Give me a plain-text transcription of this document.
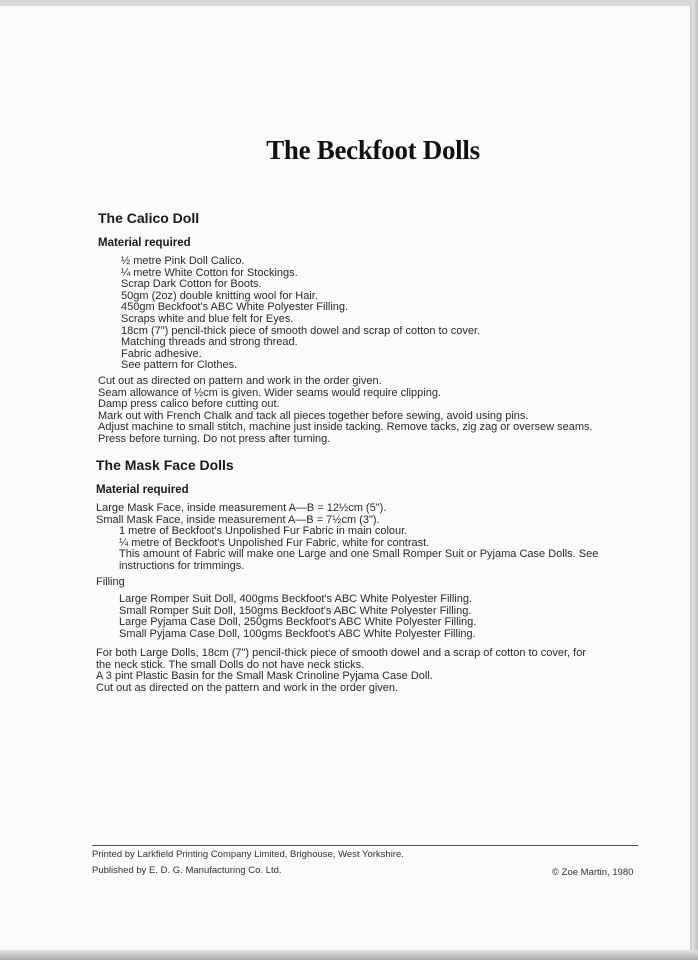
The Beckfoot Dolls
The Calico Doll
Material required
½ metre Pink Doll Calico.
¼ metre White Cotton for Stockings.
Scrap Dark Cotton for Boots.
50gm (2oz) double knitting wool for Hair.
450gm Beckfoot's ABC White Polyester Filling.
Scraps white and blue felt for Eyes.
18cm (7") pencil-thick piece of smooth dowel and scrap of cotton to cover.
Matching threads and strong thread.
Fabric adhesive.
See pattern for Clothes.
Cut out as directed on pattern and work in the order given.
Seam allowance of ½cm is given. Wider seams would require clipping.
Damp press calico before cutting out.
Mark out with French Chalk and tack all pieces together before sewing, avoid using pins.
Adjust machine to small stitch, machine just inside tacking. Remove tacks, zig zag or oversew seams.
Press before turning. Do not press after turning.
The Mask Face Dolls
Material required
Large Mask Face, inside measurement A—B = 12½cm (5").
Small Mask Face, inside measurement A—B = 7½cm (3").
1 metre of Beckfoot's Unpolished Fur Fabric in main colour.
¼ metre of Beckfoot's Unpolished Fur Fabric, white for contrast.
This amount of Fabric will make one Large and one Small Romper Suit or Pyjama Case Dolls. See
instructions for trimmings.
Filling
Large Romper Suit Doll, 400gms Beckfoot's ABC White Polyester Filling.
Small Romper Suit Doll, 150gms Beckfoot's ABC White Polyester Filling.
Large Pyjama Case Doll, 250gms Beckfoot's ABC White Polyester Filling.
Small Pyjama Case Doll, 100gms Beckfoot's ABC White Polyester Filling.
For both Large Dolls, 18cm (7") pencil-thick piece of smooth dowel and a scrap of cotton to cover, for
the neck stick. The small Dolls do not have neck sticks.
A 3 pint Plastic Basin for the Small Mask Crinoline Pyjama Case Doll.
Cut out as directed on the pattern and work in the order given.
Printed by Larkfield Printing Company Limited, Brighouse, West Yorkshire.
Published by E. D. G. Manufacturing Co. Ltd.	© Zoe Martin, 1980
